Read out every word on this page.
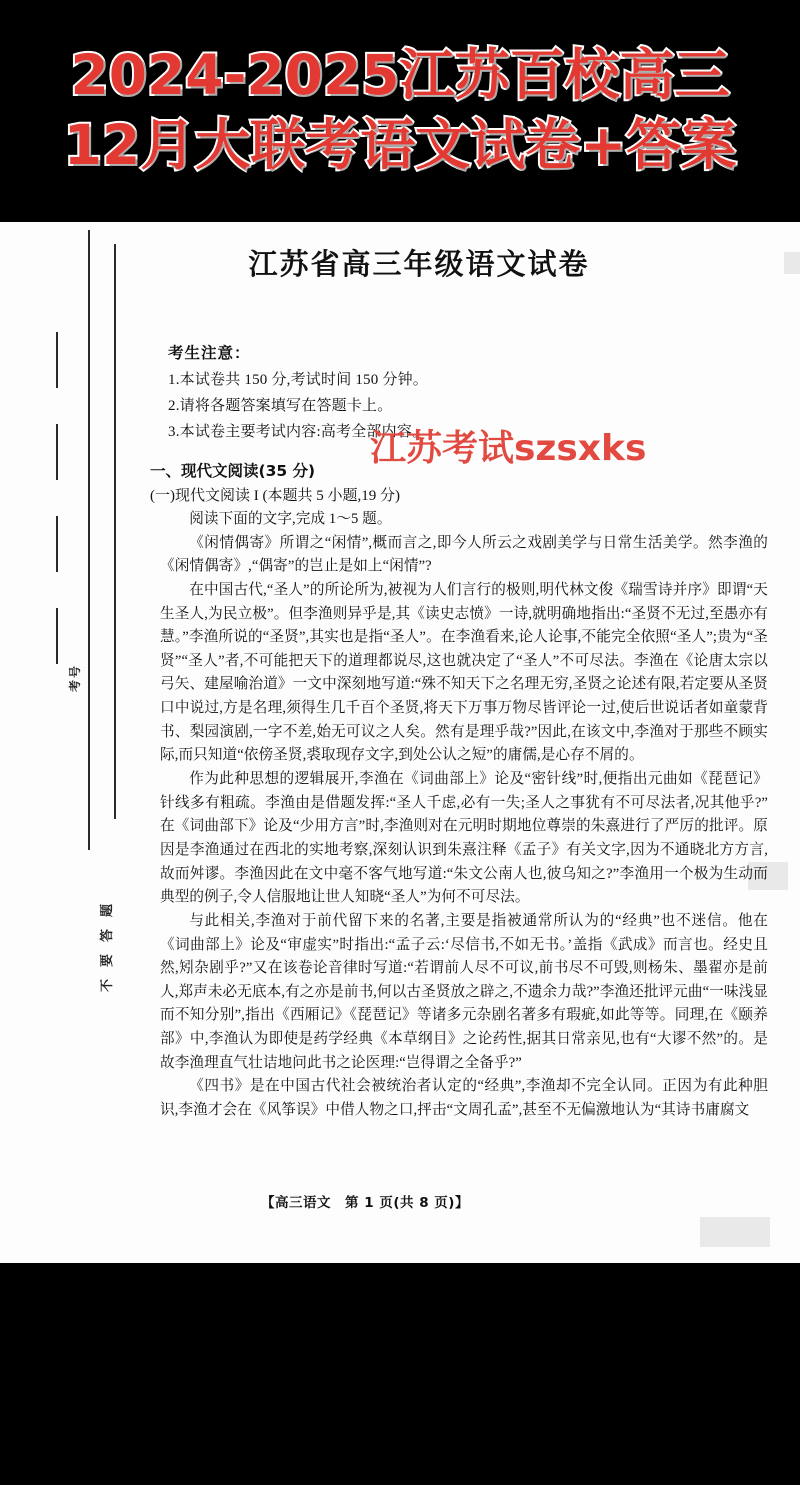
2024-2025江苏百校高三
12月大联考语文试卷+答案
考号
不要答题
江苏省高三年级语文试卷
考生注意：
1.本试卷共 150 分,考试时间 150 分钟。
2.请将各题答案填写在答题卡上。
3.本试卷主要考试内容:高考全部内容。
一、现代文阅读(35 分)
(一)现代文阅读 I (本题共 5 小题,19 分)

阅读下面的文字,完成 1～5 题。

《闲情偶寄》所谓之“闲情”,概而言之,即今人所云之戏剧美学与日常生活美学。然李渔的《闲情偶寄》,“偶寄”的岂止是如上“闲情”?

在中国古代,“圣人”的所论所为,被视为人们言行的极则,明代林文俊《瑞雪诗并序》即谓“天生圣人,为民立极”。但李渔则异乎是,其《读史志愤》一诗,就明确地指出:“圣贤不无过,至愚亦有慧。”李渔所说的“圣贤”,其实也是指“圣人”。在李渔看来,论人论事,不能完全依照“圣人”;贵为“圣贤”“圣人”者,不可能把天下的道理都说尽,这也就决定了“圣人”不可尽法。李渔在《论唐太宗以弓矢、建屋喻治道》一文中深刻地写道:“殊不知天下之名理无穷,圣贤之论述有限,若定要从圣贤口中说过,方是名理,须得生几千百个圣贤,将天下万事万物尽皆评论一过,使后世说话者如童蒙背书、梨园演剧,一字不差,始无可议之人矣。然有是理乎哉?”因此,在该文中,李渔对于那些不顾实际,而只知道“依傍圣贤,裘取现存文字,到处公认之短”的庸儒,是心存不屑的。

作为此种思想的逻辑展开,李渔在《词曲部上》论及“密针线”时,便指出元曲如《琵琶记》针线多有粗疏。李渔由是借题发挥:“圣人千虑,必有一失;圣人之事犹有不可尽法者,况其他乎?”在《词曲部下》论及“少用方言”时,李渔则对在元明时期地位尊崇的朱熹进行了严厉的批评。原因是李渔通过在西北的实地考察,深刻认识到朱熹注释《孟子》有关文字,因为不通晓北方方言,故而舛谬。李渔因此在文中毫不客气地写道:“朱文公南人也,彼乌知之?”李渔用一个极为生动而典型的例子,令人信服地让世人知晓“圣人”为何不可尽法。

与此相关,李渔对于前代留下来的名著,主要是指被通常所认为的“经典”也不迷信。他在《词曲部上》论及“审虚实”时指出:“孟子云:‘尽信书,不如无书。’盖指《武成》而言也。经史且然,矧杂剧乎?”又在该卷论音律时写道:“若谓前人尽不可议,前书尽不可毁,则杨朱、墨翟亦是前人,郑声未必无底本,有之亦是前书,何以古圣贤放之辟之,不遗余力哉?”李渔还批评元曲“一味浅显而不知分别”,指出《西厢记》《琵琶记》等诸多元杂剧名著多有瑕疵,如此等等。同理,在《颐养部》中,李渔认为即使是药学经典《本草纲目》之论药性,据其日常亲见,也有“大谬不然”的。是故李渔理直气壮诘地问此书之论医理:“岂得谓之全备乎?”

《四书》是在中国古代社会被统治者认定的“经典”,李渔却不完全认同。正因为有此种胆识,李渔才会在《风筝误》中借人物之口,抨击“文周孔孟”,甚至不无偏激地认为“其诗书庸腐文

江苏考试szsxks
【高三语文　第 1 页(共 8 页)】
